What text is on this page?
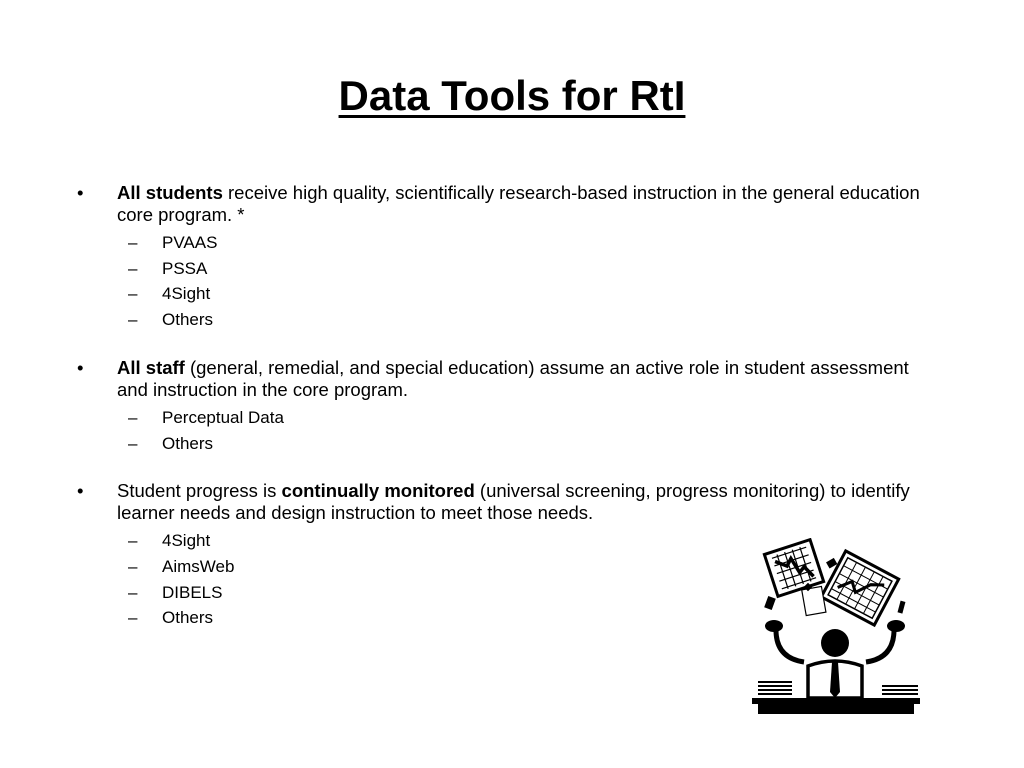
Data Tools for RtI
•	All students receive high quality, scientifically research-based instruction in the general education core program. *
– PVAAS
– PSSA
– 4Sight
– Others
•	All staff (general, remedial, and special education) assume an active role in student assessment and instruction in the core program.
– Perceptual Data
– Others
•	Student progress is continually monitored (universal screening, progress monitoring) to identify learner needs and design instruction to meet those needs.
– 4Sight
– AimsWeb
– DIBELS
– Others
